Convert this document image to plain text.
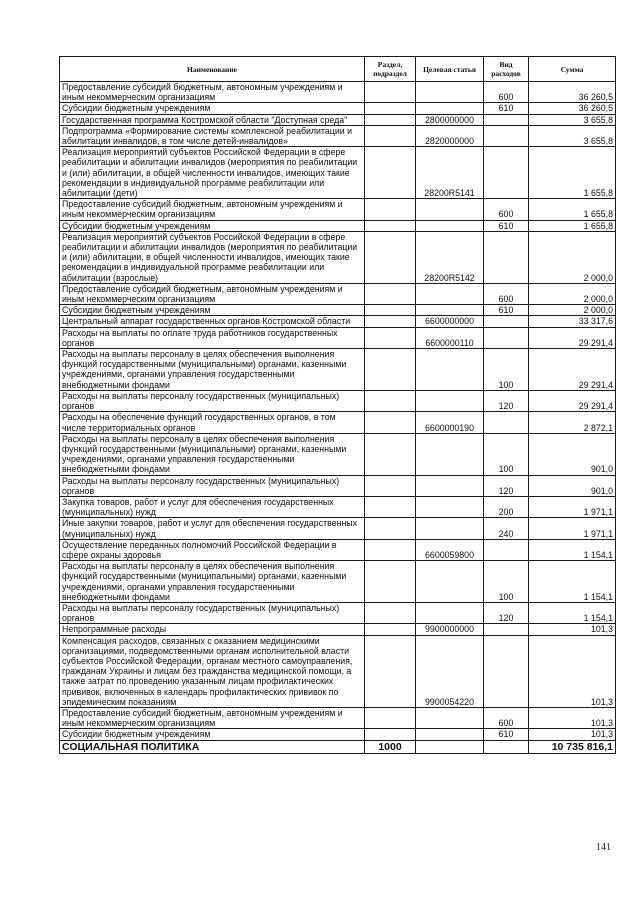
Наименование	Раздел, подраздел	Целевая статья	Вид расходов	Сумма
Предоставление субсидий бюджетным, автономным учреждениям и иным некоммерческим организациям			600	36 260,5
Субсидии бюджетным учреждениям			610	36 260,5
Государственная программа Костромской области "Доступная среда"		2800000000		3 655,8
Подпрограмма «Формирование системы комплексной реабилитации и абилитации инвалидов, в том числе детей-инвалидов»		2820000000		3 655,8
Реализация мероприятий субъектов Российской Федерации в сфере реабилитации и абилитации инвалидов (мероприятия по реабилитации и (или) абилитации, в общей численности инвалидов, имеющих такие рекомендации в индивидуальной программе реабилитации или абилитации (дети)		28200R5141		1 655,8
Предоставление субсидий бюджетным, автономным учреждениям и иным некоммерческим организациям			600	1 655,8
Субсидии бюджетным учреждениям			610	1 655,8
Реализация мероприятий субъектов Российской Федерации в сфере реабилитации и абилитации инвалидов (мероприятия по реабилитации и (или) абилитации, в общей численности инвалидов, имеющих такие рекомендации в индивидуальной программе реабилитации или абилитации (взрослые)		28200R5142		2 000,0
Предоставление субсидий бюджетным, автономным учреждениям и иным некоммерческим организациям			600	2 000,0
Субсидии бюджетным учреждениям			610	2 000,0
Центральный аппарат государственных органов Костромской области		6600000000		33 317,6
Расходы на выплаты по оплате труда работников государственных органов		6600000110		29 291,4
Расходы на выплаты персоналу в целях обеспечения выполнения функций государственными (муниципальными) органами, казенными учреждениями, органами управления государственными внебюджетными фондами			100	29 291,4
Расходы на выплаты персоналу государственных (муниципальных) органов			120	29 291,4
Расходы на обеспечение функций государственных органов, в том числе территориальных органов		6600000190		2 872,1
Расходы на выплаты персоналу в целях обеспечения выполнения функций государственными (муниципальными) органами, казенными учреждениями, органами управления государственными внебюджетными фондами			100	901,0
Расходы на выплаты персоналу государственных (муниципальных) органов			120	901,0
Закупка товаров, работ и услуг для обеспечения государственных (муниципальных) нужд			200	1 971,1
Иные закупки товаров, работ и услуг для обеспечения государственных (муниципальных) нужд			240	1 971,1
Осуществление переданных полномочий Российской Федерации в сфере охраны здоровья		6600059800		1 154,1
Расходы на выплаты персоналу в целях обеспечения выполнения функций государственными (муниципальными) органами, казенными учреждениями, органами управления государственными внебюджетными фондами			100	1 154,1
Расходы на выплаты персоналу государственных (муниципальных) органов			120	1 154,1
Непрограммные расходы		9900000000		101,3
Компенсация расходов, связанных с оказанием медицинскими организациями, подведомственными органам исполнительной власти субъектов Российской Федерации, органам местного самоуправления, гражданам Украины и лицам без гражданства медицинской помощи, а также затрат по проведению указанным лицам профилактических прививок, включенных в календарь профилактических прививок по эпидемическим показаниям		9900054220		101,3
Предоставление субсидий бюджетным, автономным учреждениям и иным некоммерческим организациям			600	101,3
Субсидии бюджетным учреждениям			610	101,3
СОЦИАЛЬНАЯ ПОЛИТИКА	1000			10 735 816,1
141
